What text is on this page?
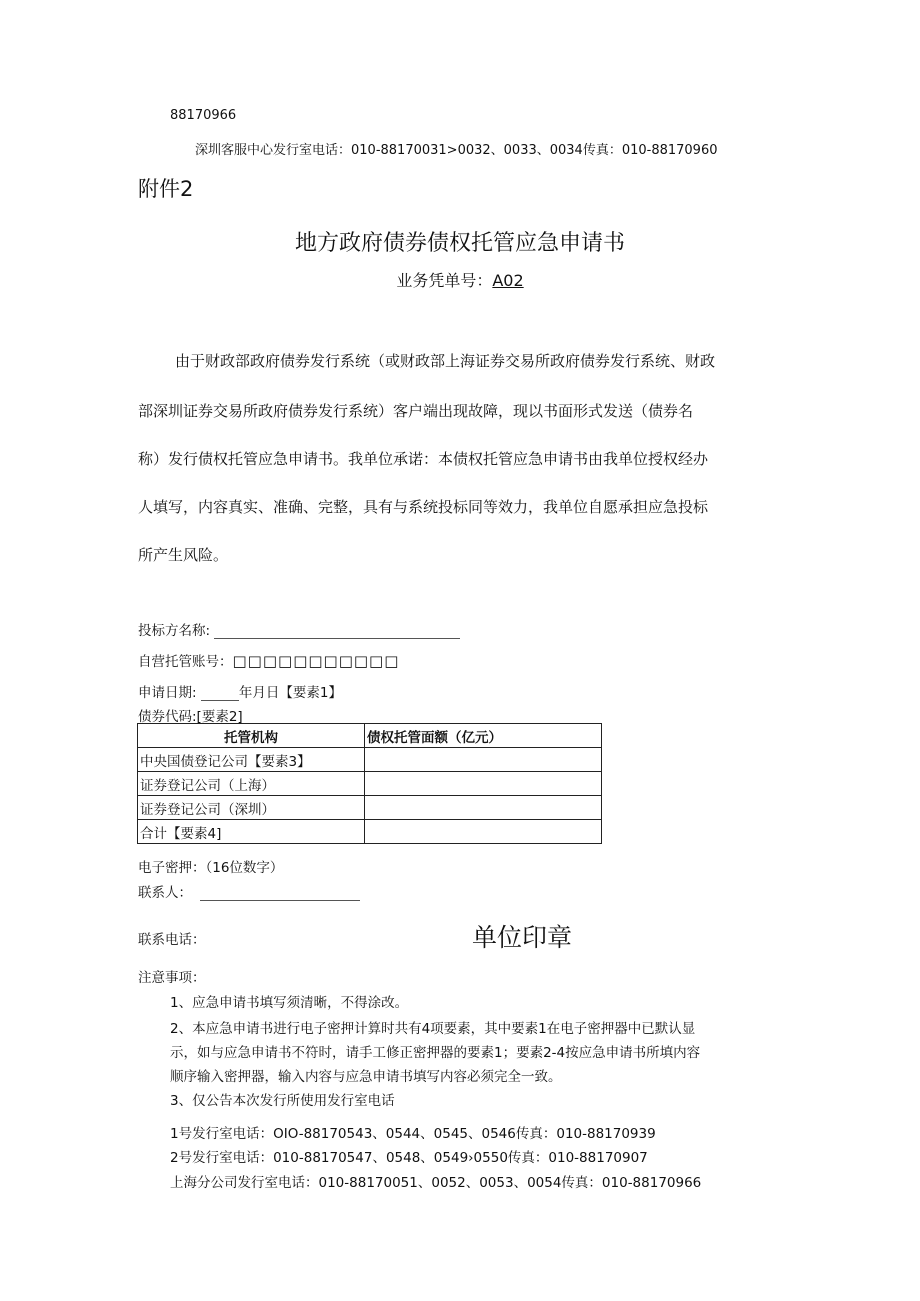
88170966
深圳客服中心发行室电话：010-88170031>0032、0033、0034传真：010-88170960
附件2
地方政府债券债权托管应急申请书
业务凭单号：A02
由于财政部政府债券发行系统（或财政部上海证券交易所政府债券发行系统、财政
部深圳证券交易所政府债券发行系统）客户端出现故障，现以书面形式发送（债券名
称）发行债权托管应急申请书。我单位承诺：本债权托管应急申请书由我单位授权经办
人填写，内容真实、准确、完整，具有与系统投标同等效力，我单位自愿承担应急投标
所产生风险。
投标方名称:
自营托管账号：□□□□□□□□□□□
申请日期:	年月日【要素1】
债券代码:[要素2]
托管机构	债权托管面额（亿元）
中央国债登记公司【要素3】	
证券登记公司（上海）	
证券登记公司（深圳）	
合计【要素4]	
电子密押：（16位数字）
联系人：
联系电话：	单位印章
注意事项：
1、应急申请书填写须清晰，不得涂改。
2、本应急申请书进行电子密押计算时共有4项要素，其中要素1在电子密押器中已默认显
示，如与应急申请书不符时，请手工修正密押器的要素1；要素2-4按应急申请书所填内容
顺序输入密押器，输入内容与应急申请书填写内容必须完全一致。
3、仅公告本次发行所使用发行室电话
1号发行室电话：OIO-88170543、0544、0545、0546传真：010-88170939
2号发行室电话：010-88170547、0548、0549›0550传真：010-88170907
上海分公司发行室电话：010-88170051、0052、0053、0054传真：010-88170966
